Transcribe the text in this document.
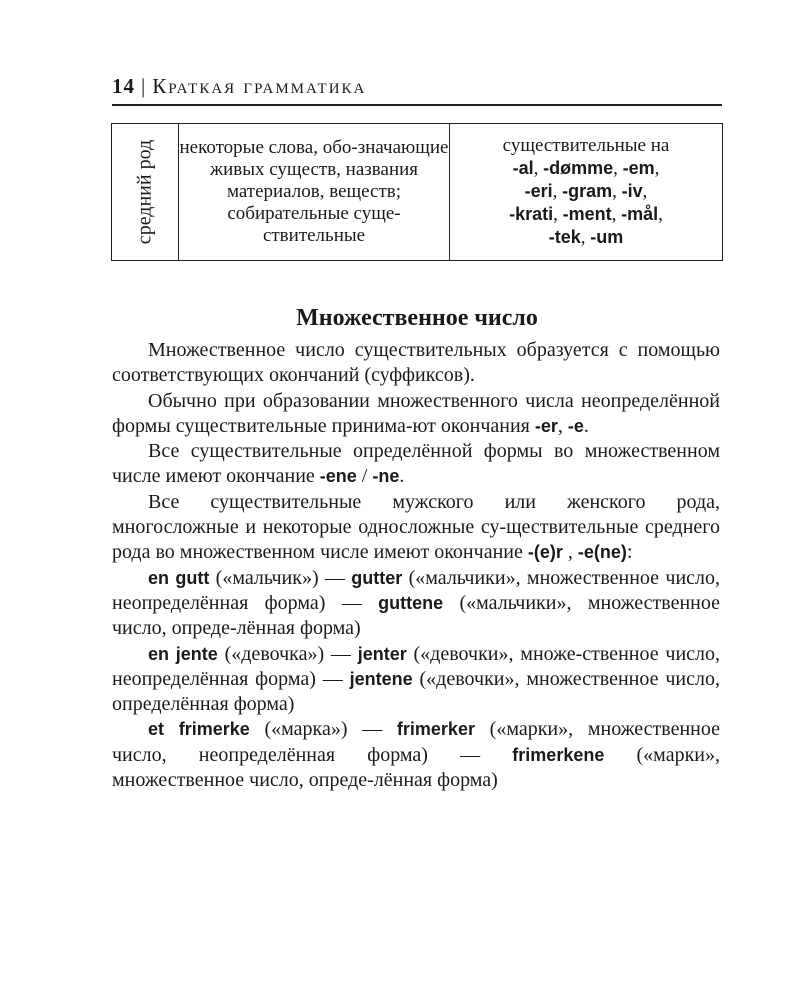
14 | Краткая грамматика
средний род	некоторые слова, обо-значающие живых существ, названия материалов, веществ; собирательные суще-ствительные	существительные на
-al, -dømme, -em,
-eri, -gram, -iv,
-krati, -ment, -mål,
-tek, -um
Множественное число

Множественное число существительных образуется с помощью соответствующих окончаний (суффиксов).

Обычно при образовании множественного числа неопределённой формы существительные принима-ют окончания -er, -e.

Все существительные определённой формы во множественном числе имеют окончание -ene / -ne.

Все существительные мужского или женского рода, многосложные и некоторые односложные су-ществительные среднего рода во множественном числе имеют окончание -(e)r , -e(ne):

en gutt («мальчик») — gutter («мальчики», множественное число, неопределённая форма) — guttene («мальчики», множественное число, опреде-лённая форма)

en jente («девочка») — jenter («девочки», множе-ственное число, неопределённая форма) — jentene («девочки», множественное число, определённая форма)

et frimerke («марка») — frimerker («марки», множественное число, неопределённая форма) — frimerkene («марки», множественное число, опреде-лённая форма)
